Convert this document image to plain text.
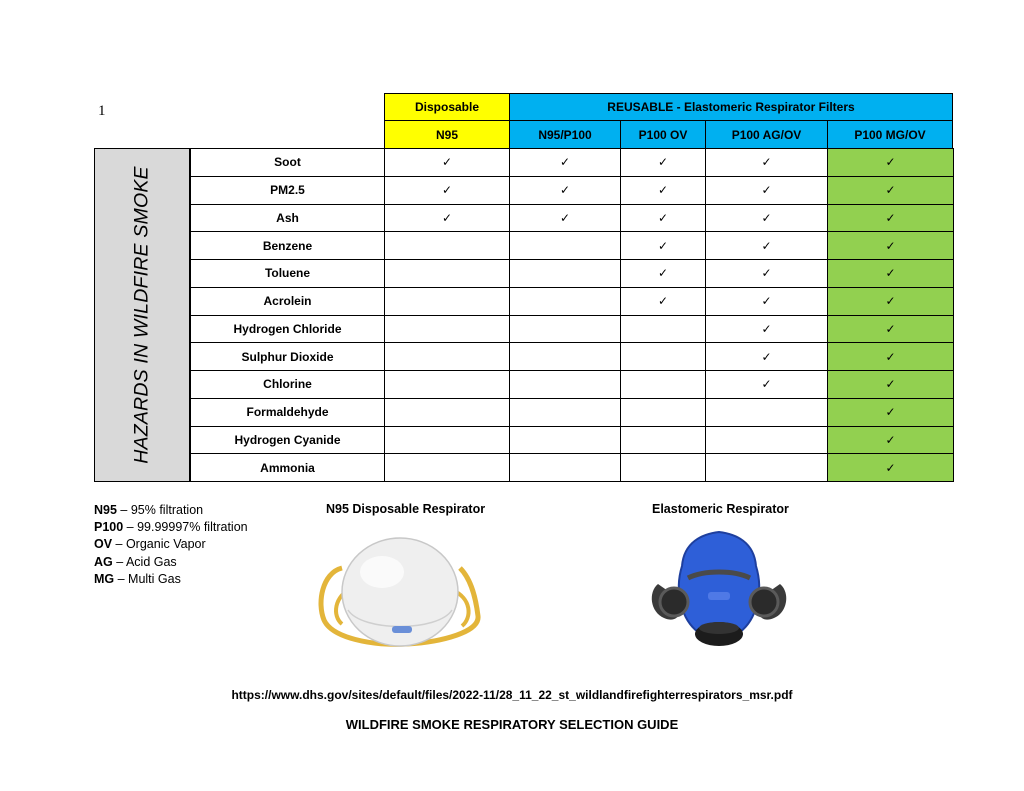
1	Disposable	REUSABLE - Elastomeric Respirator Filters
N95	N95/P100	P100 OV	P100 AG/OV	P100 MG/OV
HAZARDS IN WILDFIRE SMOKE
Soot	✓	✓	✓	✓	✓
PM2.5	✓	✓	✓	✓	✓
Ash	✓	✓	✓	✓	✓
Benzene			✓	✓	✓
Toluene			✓	✓	✓
Acrolein			✓	✓	✓
Hydrogen Chloride				✓	✓
Sulphur Dioxide				✓	✓
Chlorine				✓	✓
Formaldehyde					✓
Hydrogen Cyanide					✓
Ammonia					✓
N95 – 95% filtration
P100 – 99.99997% filtration
OV – Organic Vapor
AG – Acid Gas
MG – Multi Gas
N95 Disposable Respirator	Elastomeric Respirator
https://www.dhs.gov/sites/default/files/2022-11/28_11_22_st_wildlandfirefighterrespirators_msr.pdf
WILDFIRE SMOKE RESPIRATORY SELECTION GUIDE
